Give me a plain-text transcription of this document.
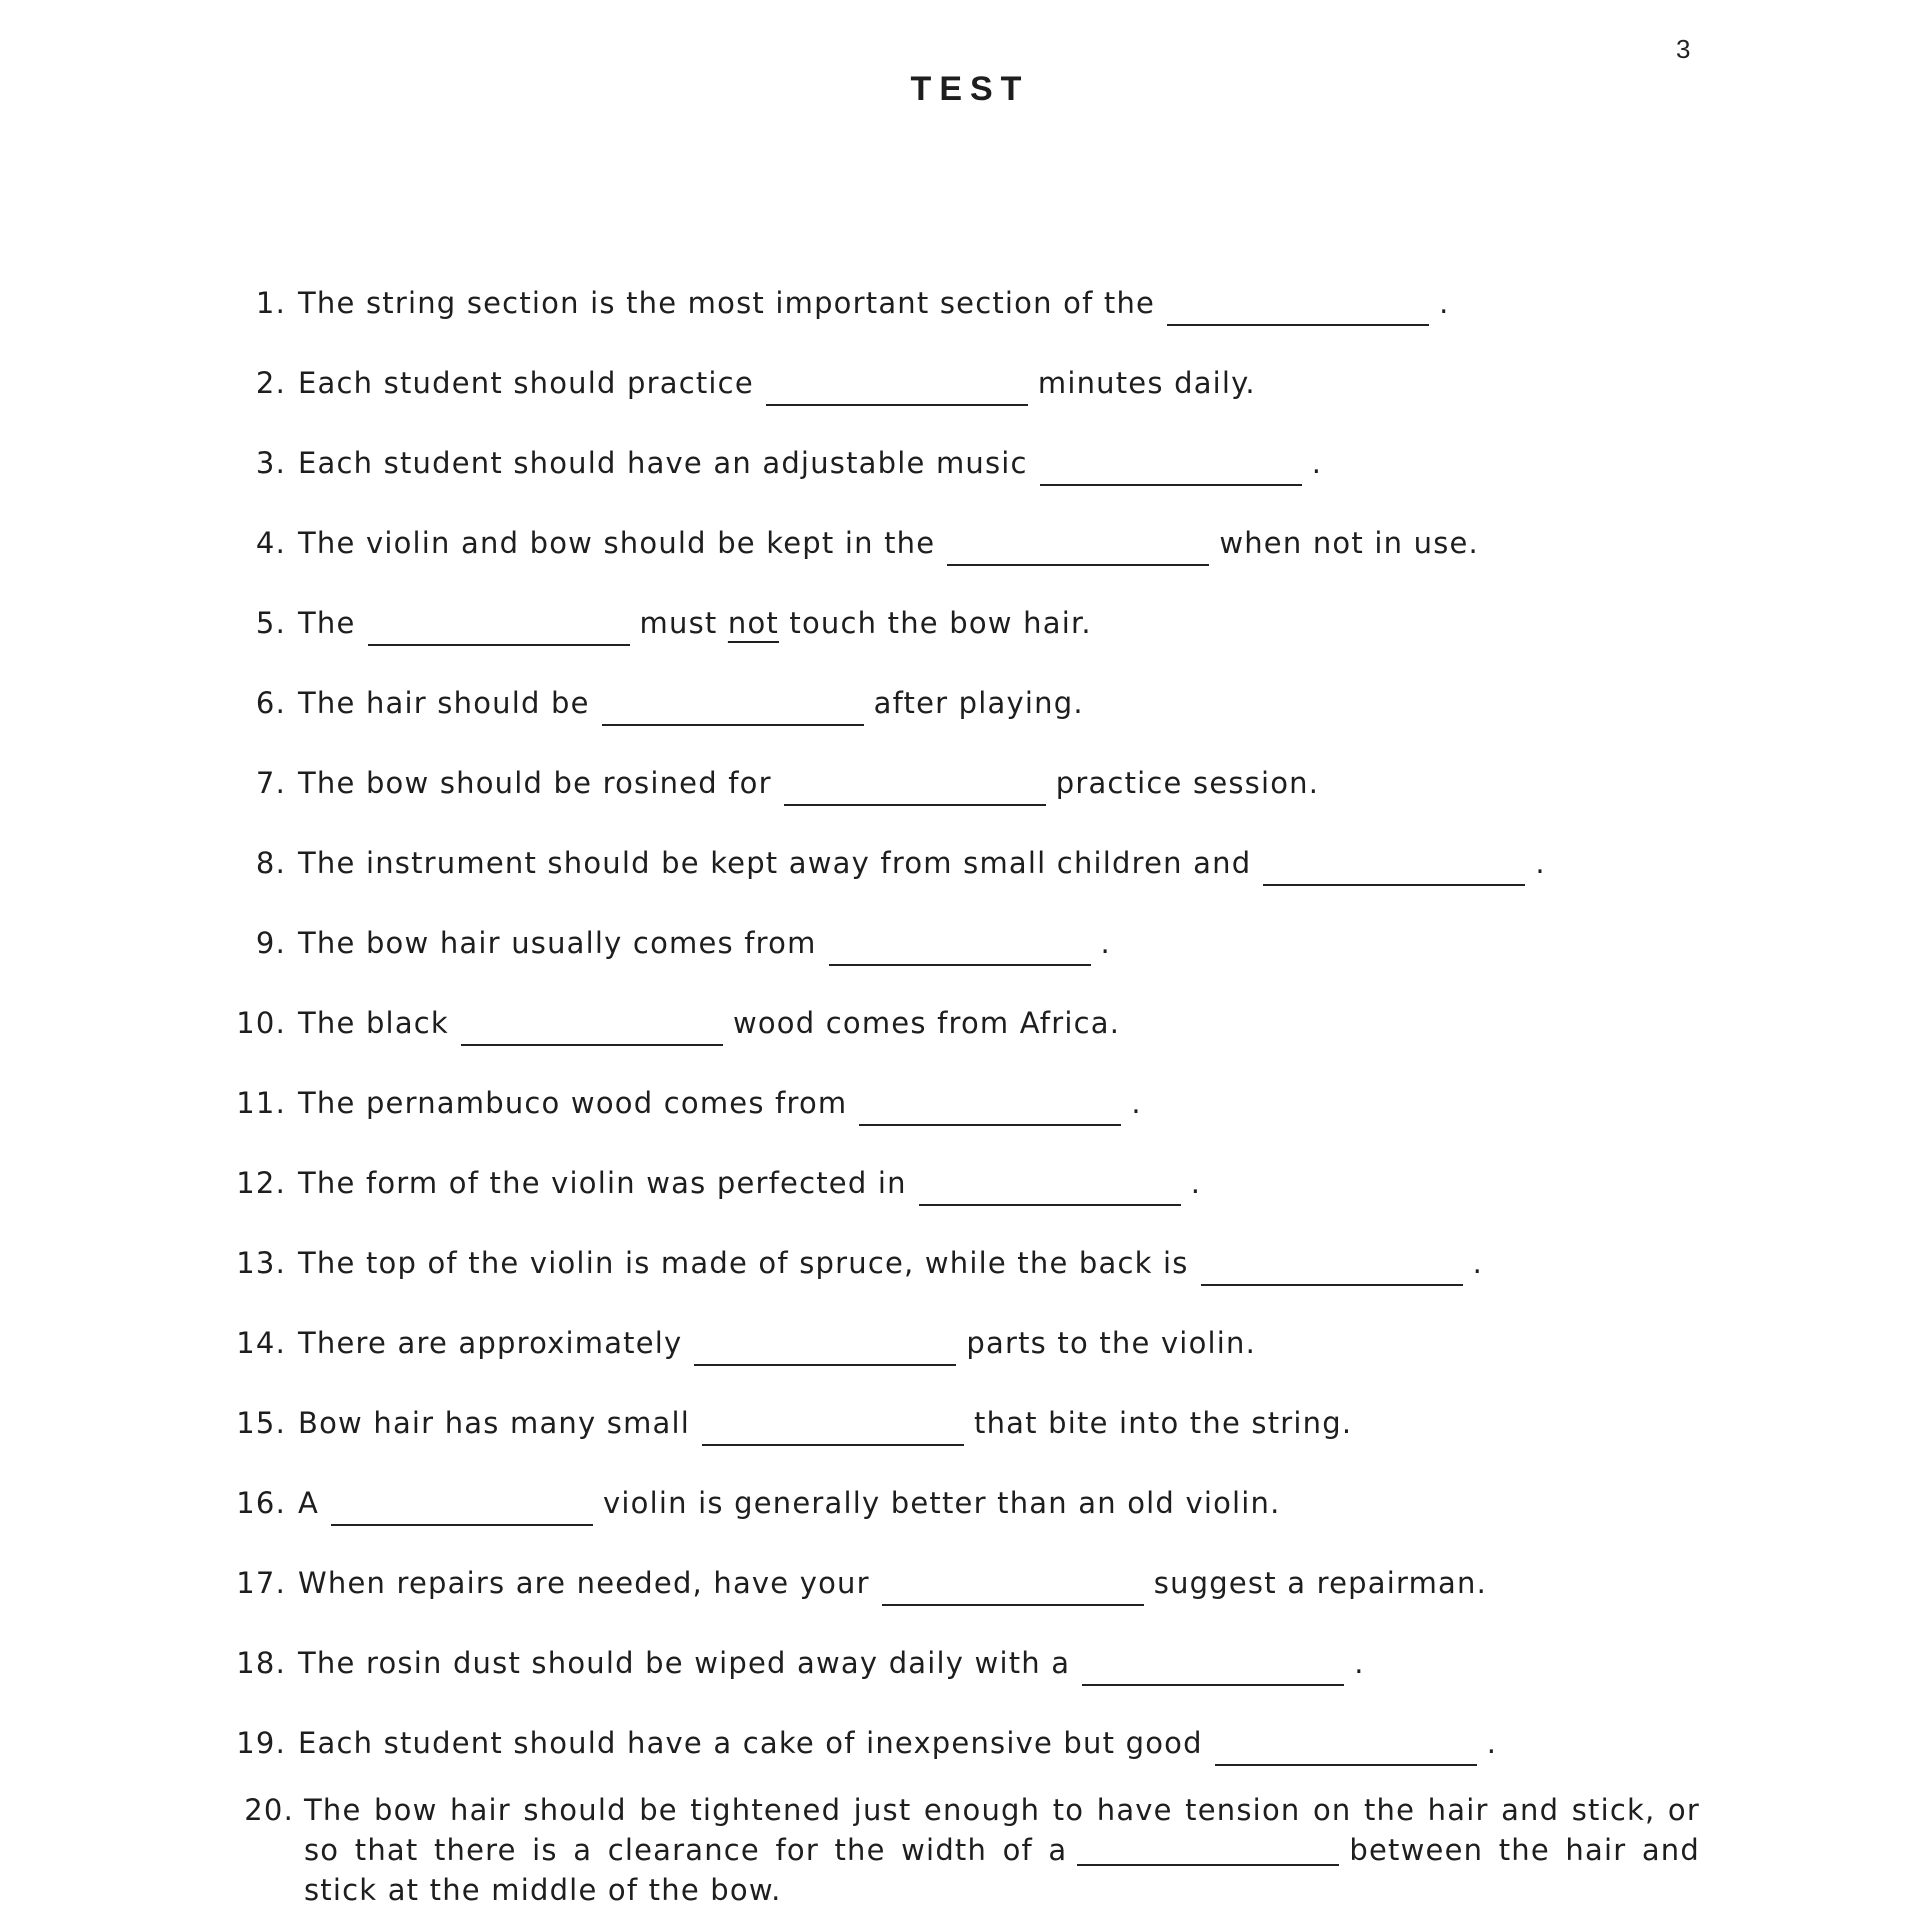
3
TEST
1. The string section is the most important section of the	.
2. Each student should practice	minutes daily.
3. Each student should have an adjustable music	.
4. The violin and bow should be kept in the	when not in use.
5. The	must
not
touch the bow hair.
6. The hair should be	after playing.
7. The bow should be rosined for	practice session.
8. The instrument should be kept away from small children and	.
9. The bow hair usually comes from	.
10. The black	wood comes from Africa.
11. The pernambuco wood comes from	.
12. The form of the violin was perfected in	.
13. The top of the violin is made of spruce, while the back is	.
14. There are approximately	parts to the violin.
15. Bow hair has many small	that bite into the string.
16. A	violin is generally better than an old violin.
17. When repairs are needed, have your	suggest a repairman.
18. The rosin dust should be wiped away daily with a	.
19. Each student should have a cake of inexpensive but good	.
20. The bow hair should be tightened just enough to have tension on the hair and stick, or so that there is a clearance for the width of a	between the hair and stick at the middle of the bow.
